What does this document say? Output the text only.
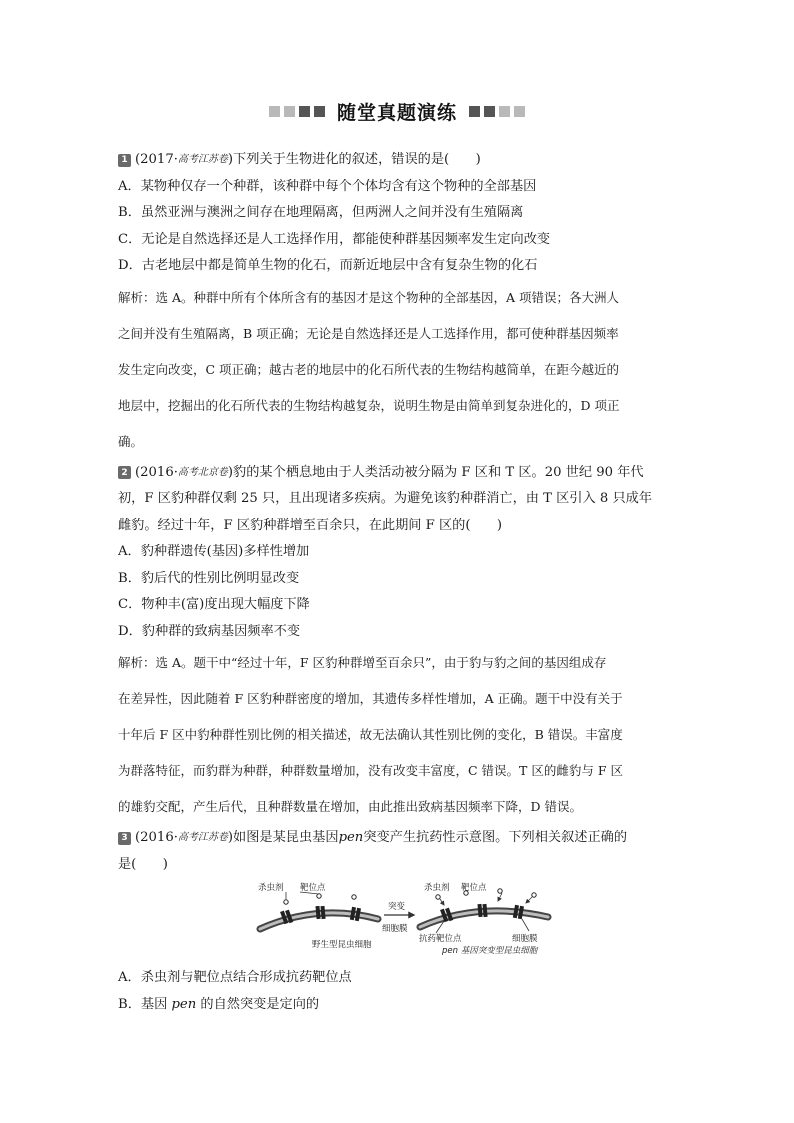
随堂真题演练
1 (2017· 高考江苏卷 )下列关于生物进化的叙述，错误的是(　　)
A．某物种仅存一个种群，该种群中每个个体均含有这个物种的全部基因
B．虽然亚洲与澳洲之间存在地理隔离，但两洲人之间并没有生殖隔离
C．无论是自然选择还是人工选择作用，都能使种群基因频率发生定向改变
D．古老地层中都是简单生物的化石，而新近地层中含有复杂生物的化石
解析：选 A。种群中所有个体所含有的基因才是这个物种的全部基因，A 项错误；各大洲人
之间并没有生殖隔离，B 项正确；无论是自然选择还是人工选择作用，都可使种群基因频率
发生定向改变，C 项正确；越古老的地层中的化石所代表的生物结构越简单，在距今越近的
地层中，挖掘出的化石所代表的生物结构越复杂，说明生物是由简单到复杂进化的，D 项正
确。
2 (2016· 高考北京卷 )豹的某个栖息地由于人类活动被分隔为 F 区和 T 区。20 世纪 90 年代
初，F 区豹种群仅剩 25 只，且出现诸多疾病。为避免该豹种群消亡，由 T 区引入 8 只成年
雌豹。经过十年，F 区豹种群增至百余只，在此期间 F 区的(　　)
A．豹种群遗传(基因)多样性增加
B．豹后代的性别比例明显改变
C．物种丰(富)度出现大幅度下降
D．豹种群的致病基因频率不变
解析：选 A。题干中“经过十年，F 区豹种群增至百余只”，由于豹与豹之间的基因组成存
在差异性，因此随着 F 区豹种群密度的增加，其遗传多样性增加，A 正确。题干中没有关于
十年后 F 区中豹种群性别比例的相关描述，故无法确认其性别比例的变化，B 错误。丰富度
为群落特征，而豹群为种群，种群数量增加，没有改变丰富度，C 错误。T 区的雌豹与 F 区
的雄豹交配，产生后代，且种群数量在增加，由此推出致病基因频率下降，D 错误。
3 (2016· 高考江苏卷 )如图是某昆虫基因 pen 突变产生抗药性示意图。下列相关叙述正确的
是(　　)
杀虫剂 靶位点
细胞膜
野生型昆虫细胞
突变
杀虫剂 靶位点
抗药靶位点	细胞膜
pen 基因突变型昆虫细胞
A．杀虫剂与靶位点结合形成抗药靶位点
B．基因 pen 的自然突变是定向的
